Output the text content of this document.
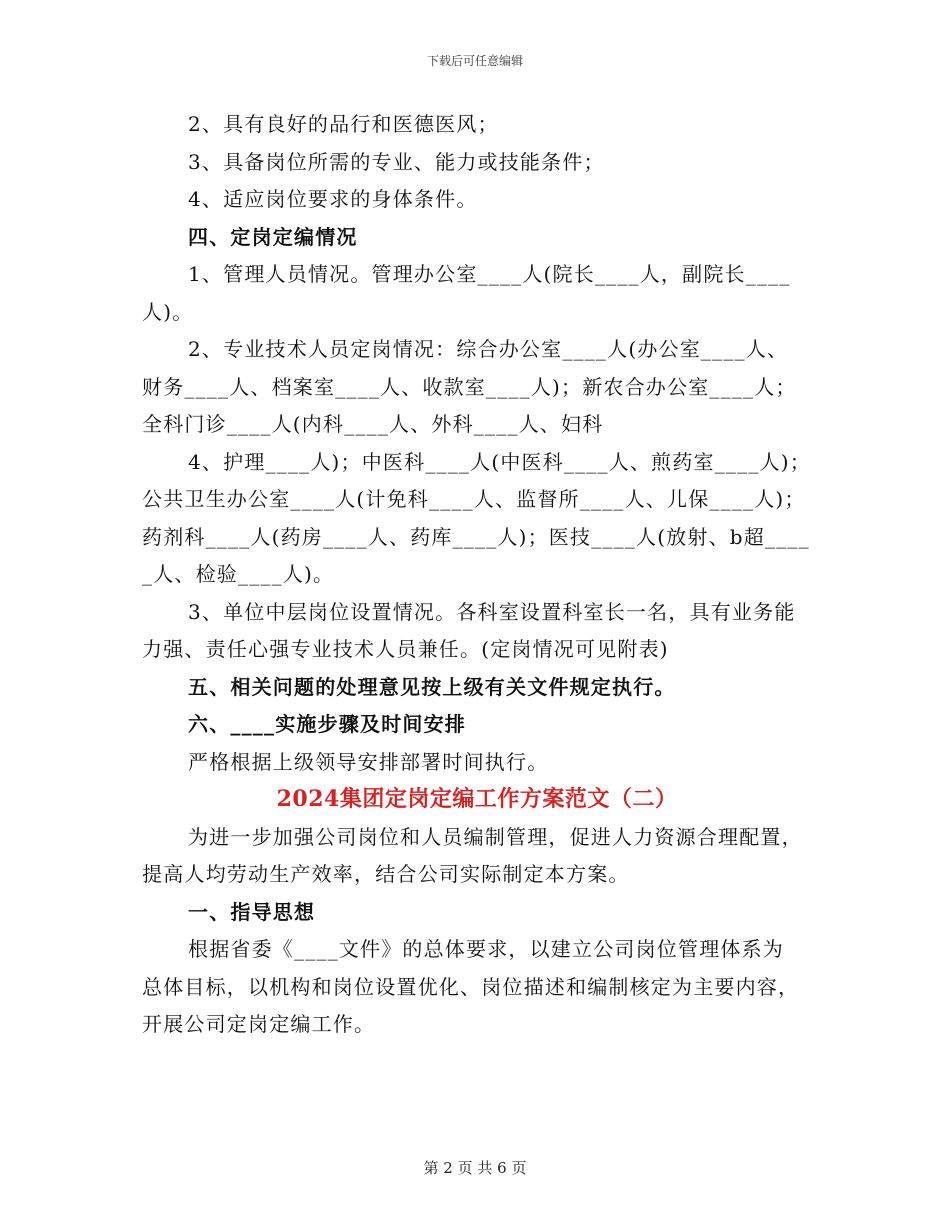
下载后可任意编辑
2、具有良好的品行和医德医风；
3、具备岗位所需的专业、能力或技能条件；
4、适应岗位要求的身体条件。
四、定岗定编情况
1、管理人员情况。管理办公室____人(院长____人，副院长____
人)。
2、专业技术人员定岗情况：综合办公室____人(办公室____人、
财务____人、档案室____人、收款室____人)；新农合办公室____人；
全科门诊____人(内科____人、外科____人、妇科
4、护理____人)；中医科____人(中医科____人、煎药室____人)；
公共卫生办公室____人(计免科____人、监督所____人、儿保____人)；
药剂科____人(药房____人、药库____人)；医技____人(放射、b超____
_人、检验____人)。
3、单位中层岗位设置情况。各科室设置科室长一名，具有业务能
力强、责任心强专业技术人员兼任。(定岗情况可见附表)
五、相关问题的处理意见按上级有关文件规定执行。
六、____实施步骤及时间安排
严格根据上级领导安排部署时间执行。
2024集团定岗定编工作方案范文（二）
为进一步加强公司岗位和人员编制管理，促进人力资源合理配置，
提高人均劳动生产效率，结合公司实际制定本方案。
一、指导思想
根据省委《____文件》的总体要求，以建立公司岗位管理体系为
总体目标，以机构和岗位设置优化、岗位描述和编制核定为主要内容，
开展公司定岗定编工作。
第 2 页 共 6 页
